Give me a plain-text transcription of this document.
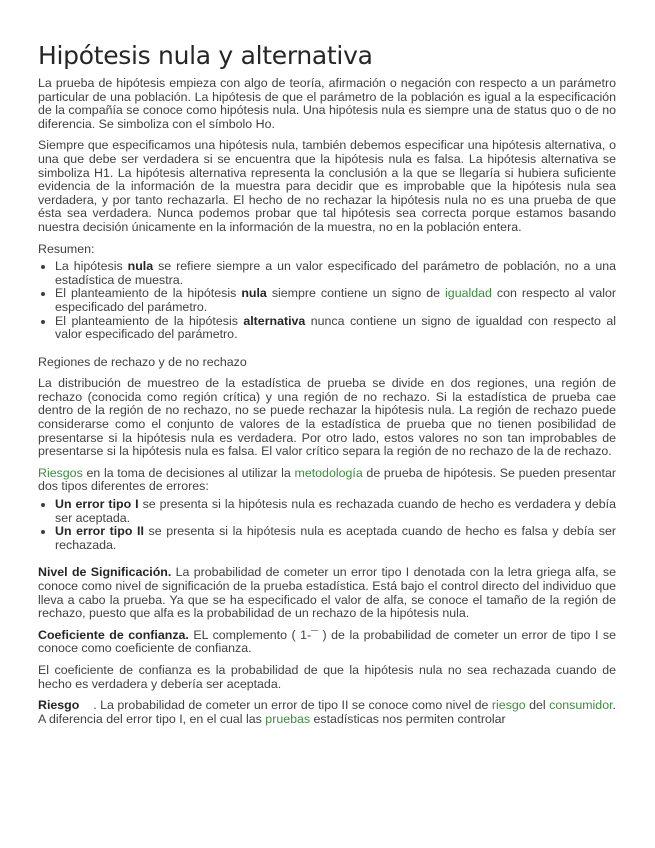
Hipótesis nula y alternativa

La prueba de hipótesis empieza con algo de teoría, afirmación o negación con respecto a un parámetro particular de una población. La hipótesis de que el parámetro de la población es igual a la especificación de la compañía se conoce como hipótesis nula. Una hipótesis nula es siempre una de status quo o de no diferencia. Se simboliza con el símbolo Ho.

Siempre que especificamos una hipótesis nula, también debemos especificar una hipótesis alternativa, o una que debe ser verdadera si se encuentra que la hipótesis nula es falsa. La hipótesis alternativa se simboliza H1. La hipótesis alternativa representa la conclusión a la que se llegaría si hubiera suficiente evidencia de la información de la muestra para decidir que es improbable que la hipótesis nula sea verdadera, y por tanto rechazarla. El hecho de no rechazar la hipótesis nula no es una prueba de que ésta sea verdadera. Nunca podemos probar que tal hipótesis sea correcta porque estamos basando nuestra decisión únicamente en la información de la muestra, no en la población entera.

Resumen:

• La hipótesis nula se refiere siempre a un valor especificado del parámetro de población, no a una estadística de muestra.
• El planteamiento de la hipótesis nula siempre contiene un signo de igualdad con respecto al valor especificado del parámetro.
• El planteamiento de la hipótesis alternativa nunca contiene un signo de igualdad con respecto al valor especificado del parámetro.

Regiones de rechazo y de no rechazo

La distribución de muestreo de la estadística de prueba se divide en dos regiones, una región de rechazo (conocida como región crítica) y una región de no rechazo. Si la estadística de prueba cae dentro de la región de no rechazo, no se puede rechazar la hipótesis nula. La región de rechazo puede considerarse como el conjunto de valores de la estadística de prueba que no tienen posibilidad de presentarse si la hipótesis nula es verdadera. Por otro lado, estos valores no son tan improbables de presentarse si la hipótesis nula es falsa. El valor crítico separa la región de no rechazo de la de rechazo.

Riesgos en la toma de decisiones al utilizar la metodología de prueba de hipótesis. Se pueden presentar dos tipos diferentes de errores:

• Un error tipo I se presenta si la hipótesis nula es rechazada cuando de hecho es verdadera y debía ser aceptada.
• Un error tipo II se presenta si la hipótesis nula es aceptada cuando de hecho es falsa y debía ser rechazada.

Nivel de Significación. La probabilidad de cometer un error tipo I denotada con la letra griega alfa, se conoce como nivel de significación de la prueba estadística. Está bajo el control directo del individuo que lleva a cabo la prueba. Ya que se ha especificado el valor de alfa, se conoce el tamaño de la región de rechazo, puesto que alfa es la probabilidad de un rechazo de la hipótesis nula.

Coeficiente de confianza. EL complemento ( 1-¯ ) de la probabilidad de cometer un error de tipo I se conoce como coeficiente de confianza.

El coeficiente de confianza es la probabilidad de que la hipótesis nula no sea rechazada cuando de hecho es verdadera y debería ser aceptada.

Riesgo    . La probabilidad de cometer un error de tipo II se conoce como nivel de riesgo del consumidor. A diferencia del error tipo I, en el cual las pruebas estadísticas nos permiten controlar
